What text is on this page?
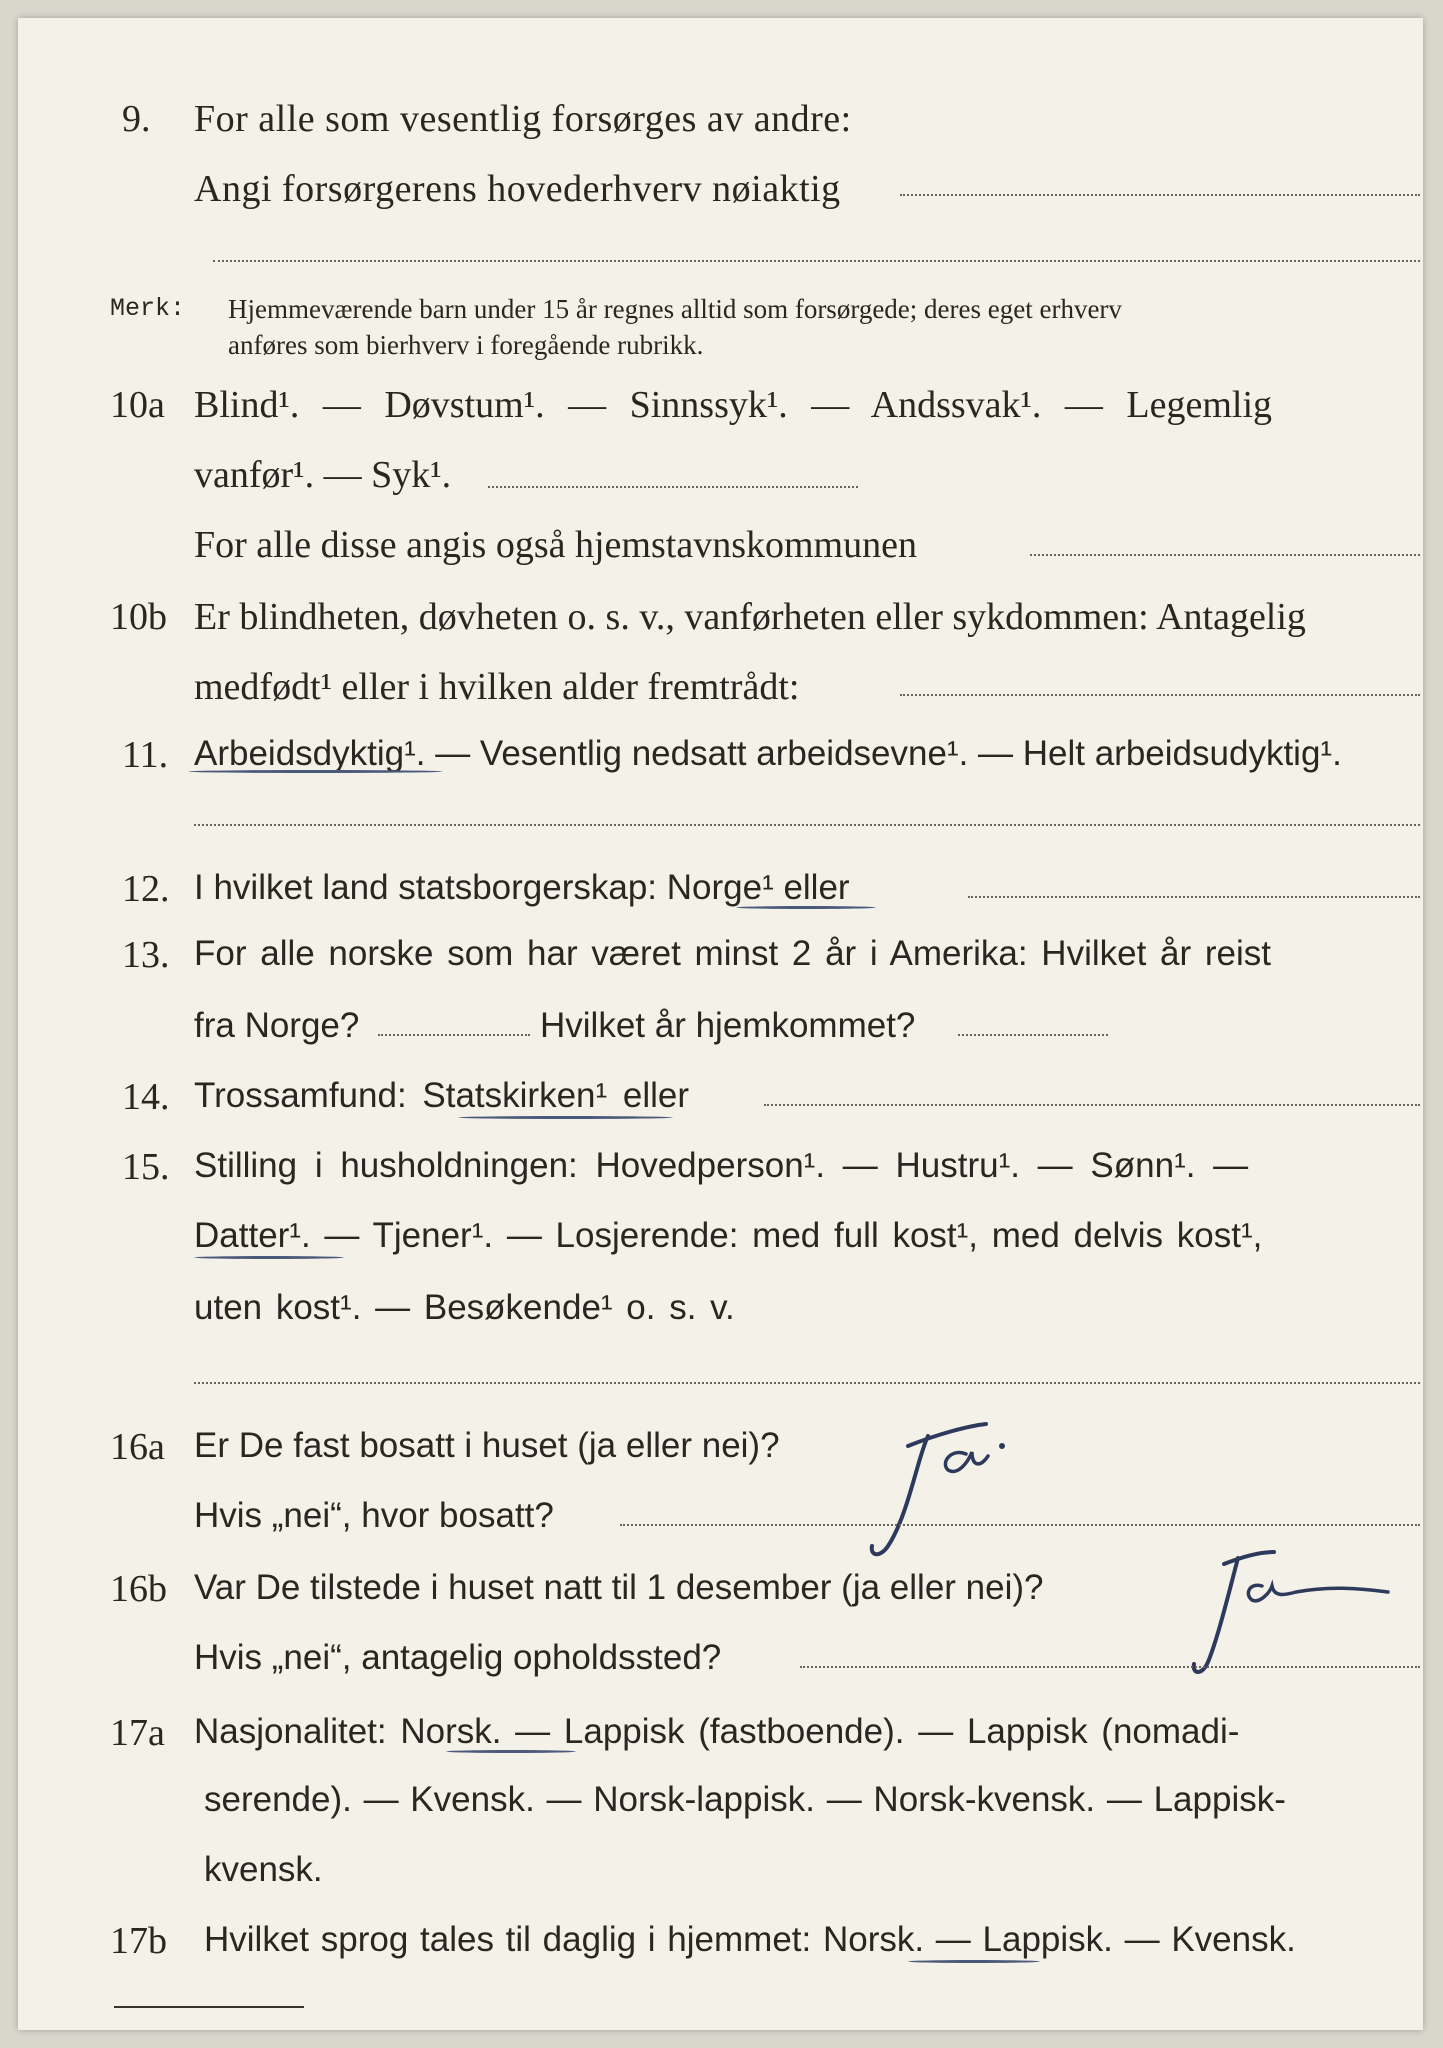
9. For alle som vesentlig forsørges av andre:
Angi forsørgerens hovederhverv nøiaktig
Merk: Hjemmeværende barn under 15 år regnes alltid som forsørgede; deres eget erhverv
anføres som bierhverv i foregående rubrikk.
10a Blind¹. — Døvstum¹. — Sinnssyk¹. — Andssvak¹. — Legemlig
vanfør¹. — Syk¹.
For alle disse angis også hjemstavnskommunen
10b Er blindheten, døvheten o. s. v., vanførheten eller sykdommen: Antagelig
medfødt¹ eller i hvilken alder fremtrådt:
11. Arbeidsdyktig¹. — Vesentlig nedsatt arbeidsevne¹. — Helt arbeidsudyktig¹.
12. I hvilket land statsborgerskap: Norge¹ eller
13. For alle norske som har været minst 2 år i Amerika: Hvilket år reist
fra Norge?	Hvilket år hjemkommet?
14. Trossamfund: Statskirken¹ eller
15. Stilling i husholdningen: Hovedperson¹. — Hustru¹. — Sønn¹. —
Datter¹. — Tjener¹. — Losjerende: med full kost¹, med delvis kost¹,
uten kost¹. — Besøkende¹ o. s. v.
16a Er De fast bosatt i huset (ja eller nei)?
Hvis „nei“, hvor bosatt?
16b Var De tilstede i huset natt til 1 desember (ja eller nei)?
Hvis „nei“, antagelig opholdssted?
17a Nasjonalitet: Norsk. — Lappisk (fastboende). — Lappisk (nomadi-
serende). — Kvensk. — Norsk-lappisk. — Norsk-kvensk. — Lappisk-
kvensk.
17b Hvilket sprog tales til daglig i hjemmet: Norsk. — Lappisk. — Kvensk.
